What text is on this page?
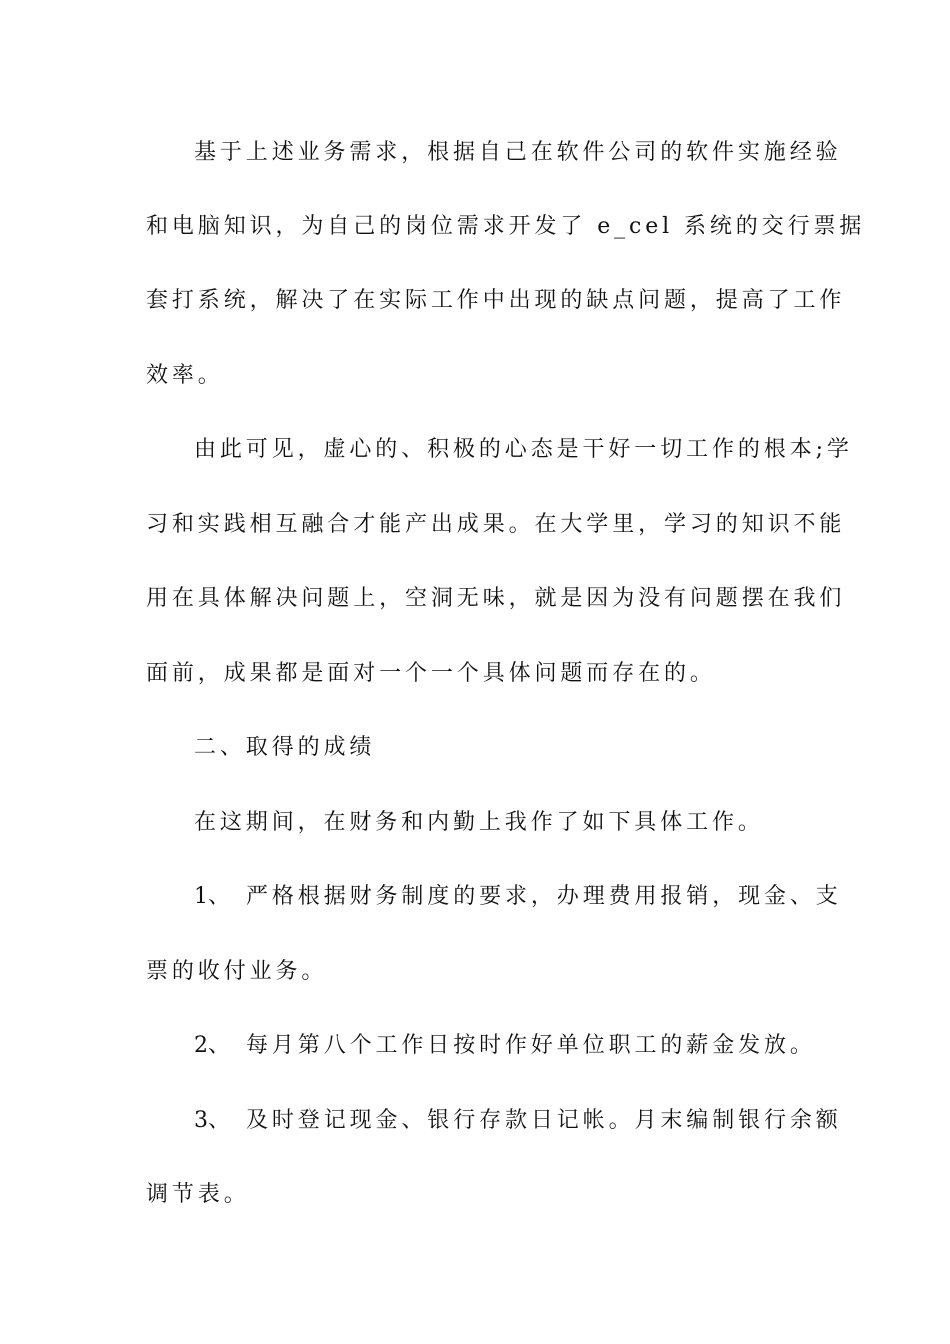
基于上述业务需求，根据自己在软件公司的软件实施经验
和电脑知识，为自己的岗位需求开发了 e_cel 系统的交行票据
套打系统，解决了在实际工作中出现的缺点问题，提高了工作
效率。
由此可见，虚心的、积极的心态是干好一切工作的根本;学
习和实践相互融合才能产出成果。在大学里，学习的知识不能
用在具体解决问题上，空洞无味，就是因为没有问题摆在我们
面前，成果都是面对一个一个具体问题而存在的。
二、取得的成绩
在这期间，在财务和内勤上我作了如下具体工作。
1、 严格根据财务制度的要求，办理费用报销，现金、支
票的收付业务。
2、 每月第八个工作日按时作好单位职工的薪金发放。
3、 及时登记现金、银行存款日记帐。月末编制银行余额
调节表。
